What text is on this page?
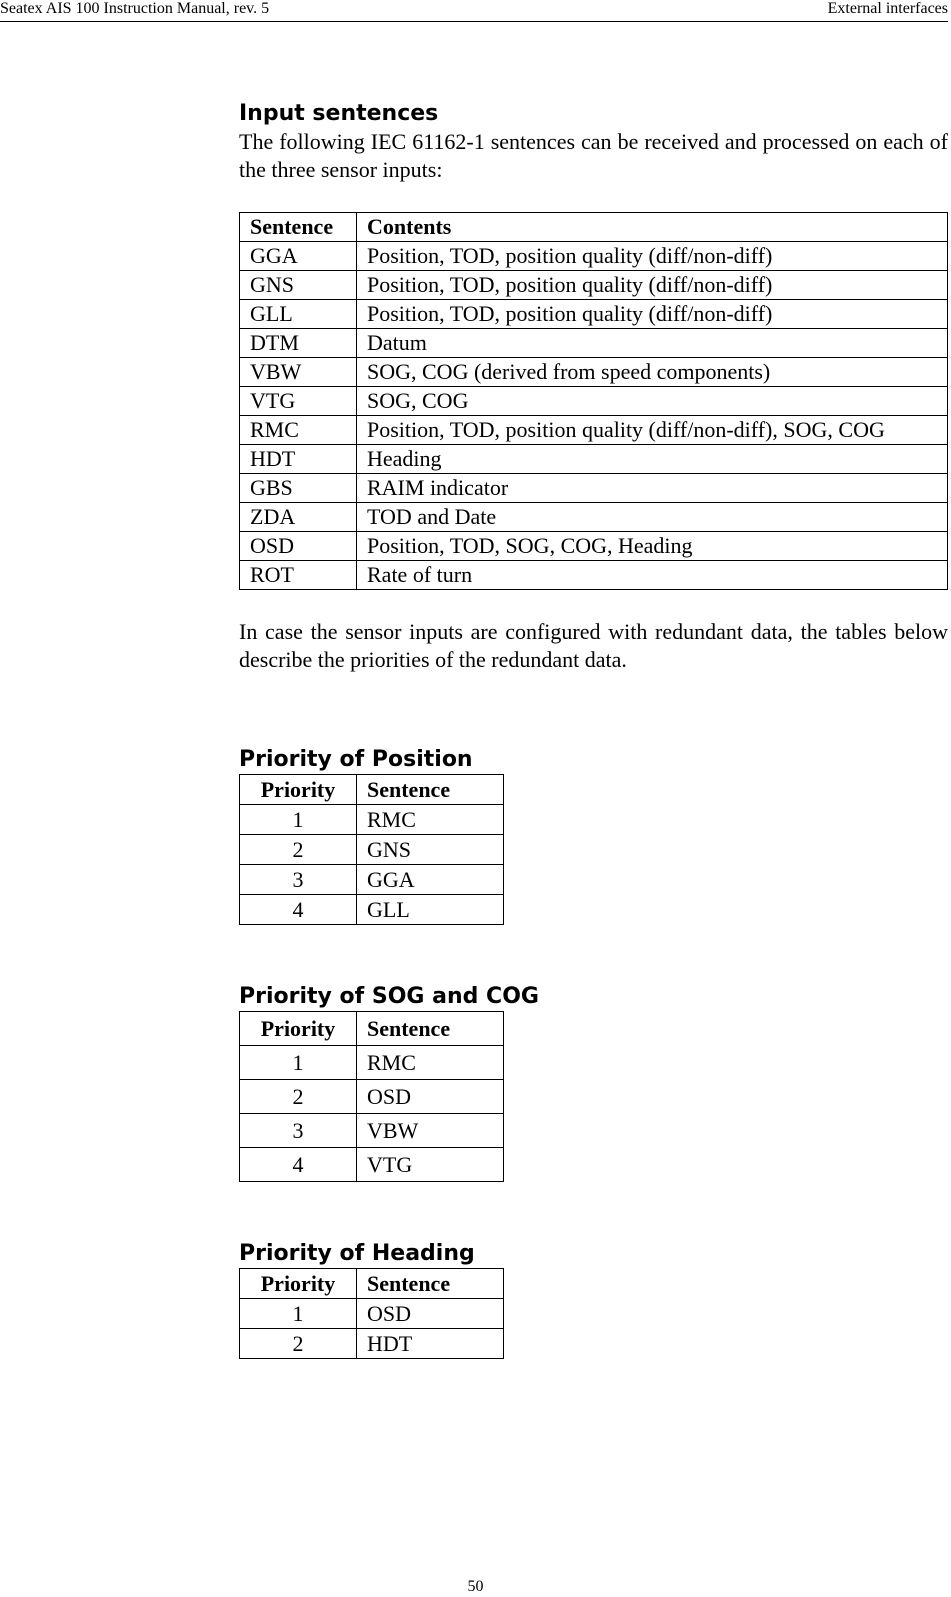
Seatex AIS 100 Instruction Manual, rev. 5	External interfaces
Input sentences

The following IEC 61162-1 sentences can be received and processed on each of the three sensor inputs:

Sentence	Contents
GGA	Position, TOD, position quality (diff/non-diff)
GNS	Position, TOD, position quality (diff/non-diff)
GLL	Position, TOD, position quality (diff/non-diff)
DTM	Datum
VBW	SOG, COG (derived from speed components)
VTG	SOG, COG
RMC	Position, TOD, position quality (diff/non-diff), SOG, COG
HDT	Heading
GBS	RAIM indicator
ZDA	TOD and Date
OSD	Position, TOD, SOG, COG, Heading
ROT	Rate of turn

In case the sensor inputs are configured with redundant data, the tables below describe the priorities of the redundant data.

Priority of Position
Priority	Sentence
1	RMC
2	GNS
3	GGA
4	GLL
Priority of SOG and COG
Priority	Sentence
1	RMC
2	OSD
3	VBW
4	VTG
Priority of Heading
Priority	Sentence
1	OSD
2	HDT
50
